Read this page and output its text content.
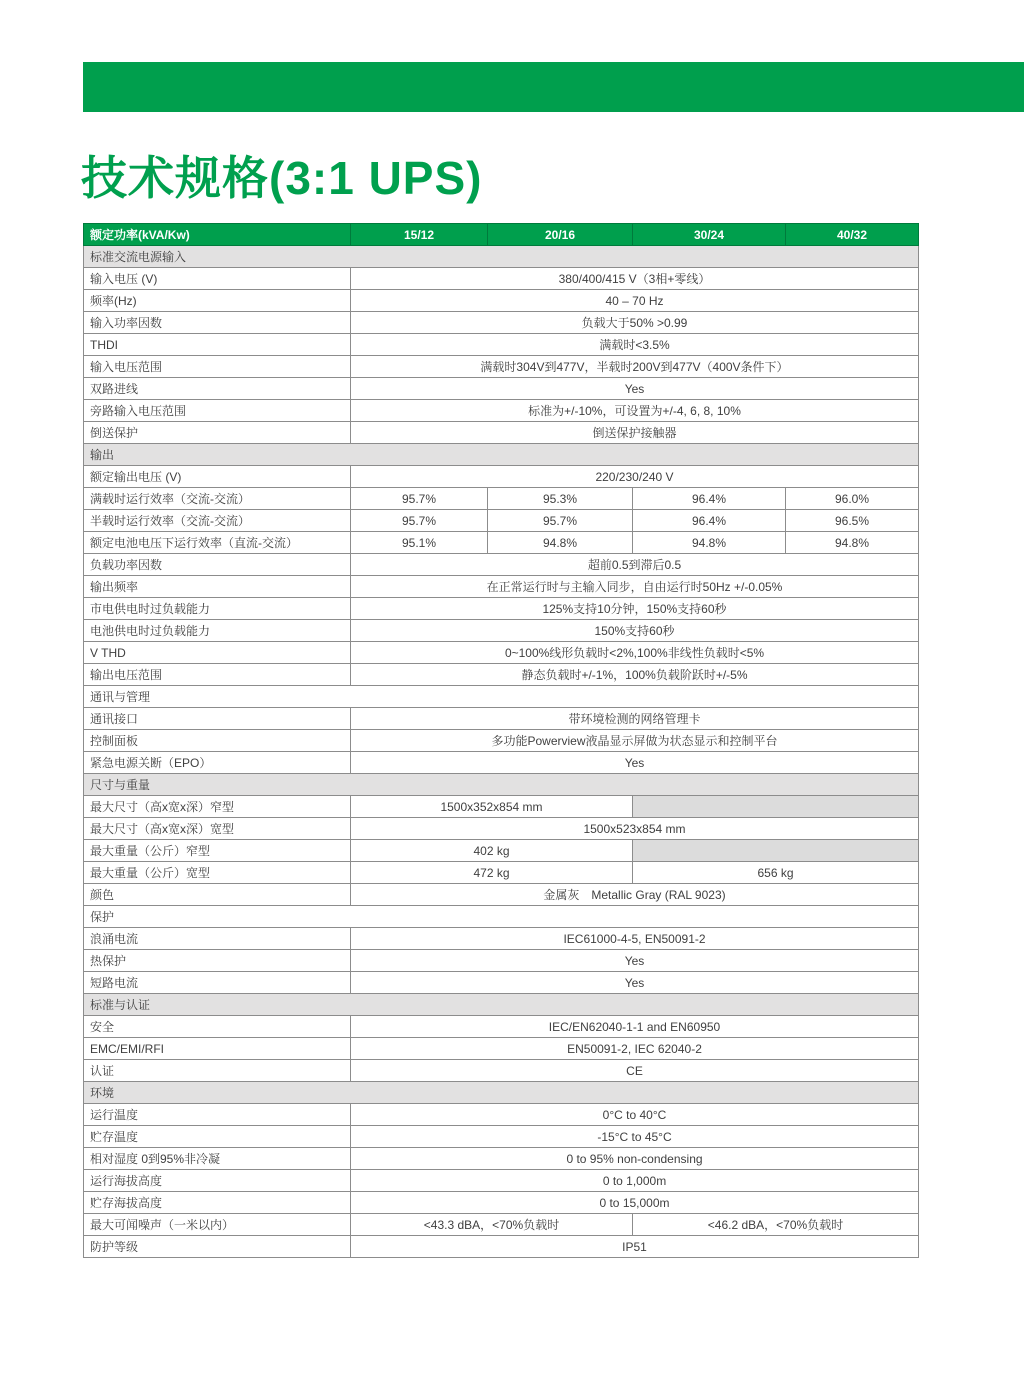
技术规格(3:1 UPS)
额定功率(kVA/Kw)	15/12	20/16	30/24	40/32
标准交流电源输入				
输入电压 (V)	380/400/415 V（3相+零线）			
频率(Hz)	40 – 70 Hz			
输入功率因数	负载大于50% >0.99			
THDI	满载时<3.5%			
输入电压范围	满载时304V到477V，半载时200V到477V（400V条件下）			
双路进线	Yes			
旁路输入电压范围	标准为+/-10%，可设置为+/-4, 6, 8, 10%			
倒送保护	倒送保护接触器			
输出				
额定输出电压 (V)	220/230/240 V			
满载时运行效率（交流-交流）	95.7%	95.3%	96.4%	96.0%
半载时运行效率（交流-交流）	95.7%	95.7%	96.4%	96.5%
额定电池电压下运行效率（直流-交流）	95.1%	94.8%	94.8%	94.8%
负载功率因数	超前0.5到滞后0.5			
输出频率	在正常运行时与主输入同步，自由运行时50Hz +/-0.05%			
市电供电时过负载能力	125%支持10分钟，150%支持60秒			
电池供电时过负载能力	150%支持60秒			
V THD	0~100%线形负载时<2%,100%非线性负载时<5%			
输出电压范围	静态负载时+/-1%，100%负载阶跃时+/-5%			
通讯与管理				
通讯接口	带环境检测的网络管理卡			
控制面板	多功能Powerview液晶显示屏做为状态显示和控制平台			
紧急电源关断（EPO）	Yes			
尺寸与重量				
最大尺寸（高x宽x深）窄型	1500x352x854 mm			
最大尺寸（高x宽x深）宽型	1500x523x854 mm			
最大重量（公斤）窄型	402 kg			
最大重量（公斤）宽型	472 kg		656 kg	
颜色	金属灰　Metallic Gray (RAL 9023)			
保护				
浪涌电流	IEC61000-4-5, EN50091-2			
热保护	Yes			
短路电流	Yes			
标准与认证				
安全	IEC/EN62040-1-1 and EN60950			
EMC/EMI/RFI	EN50091-2, IEC 62040-2			
认证	CE			
环境				
运行温度	0°C to 40°C			
贮存温度	-15°C to 45°C			
相对湿度 0到95%非冷凝	0 to 95% non-condensing			
运行海拔高度	0 to 1,000m			
贮存海拔高度	0 to 15,000m			
最大可闻噪声（一米以内）	<43.3 dBA，<70%负载时		<46.2 dBA，<70%负载时	
防护等级	IP51			
